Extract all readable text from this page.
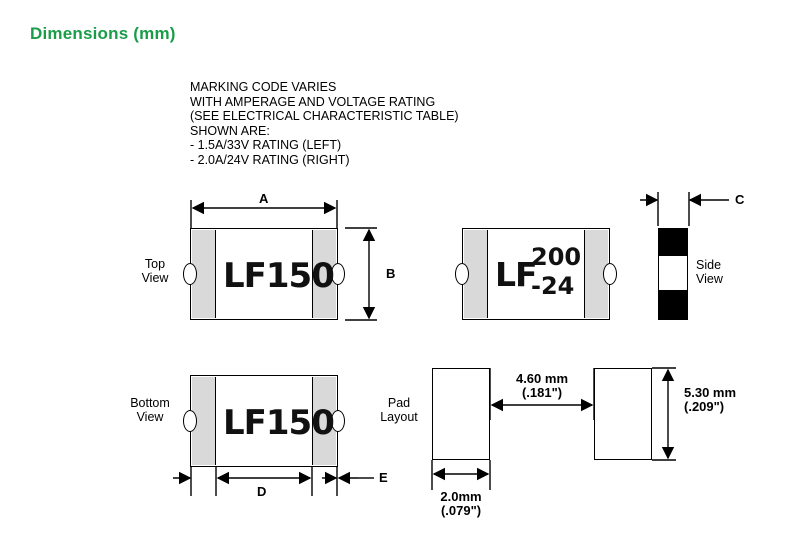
Dimensions (mm)
MARKING CODE VARIES
WITH AMPERAGE AND VOLTAGE RATING
(SEE ELECTRICAL CHARACTERISTIC TABLE)
SHOWN ARE:
- 1.5A/33V RATING (LEFT)
- 2.0A/24V RATING (RIGHT)
LF150
Top
View	LF
200
-24
Side
View
LF150
Bottom
View
Pad
Layout
A
B
C
D
E
4.60 mm
(.181")	5.30 mm
(.209")
2.0mm
(.079")
